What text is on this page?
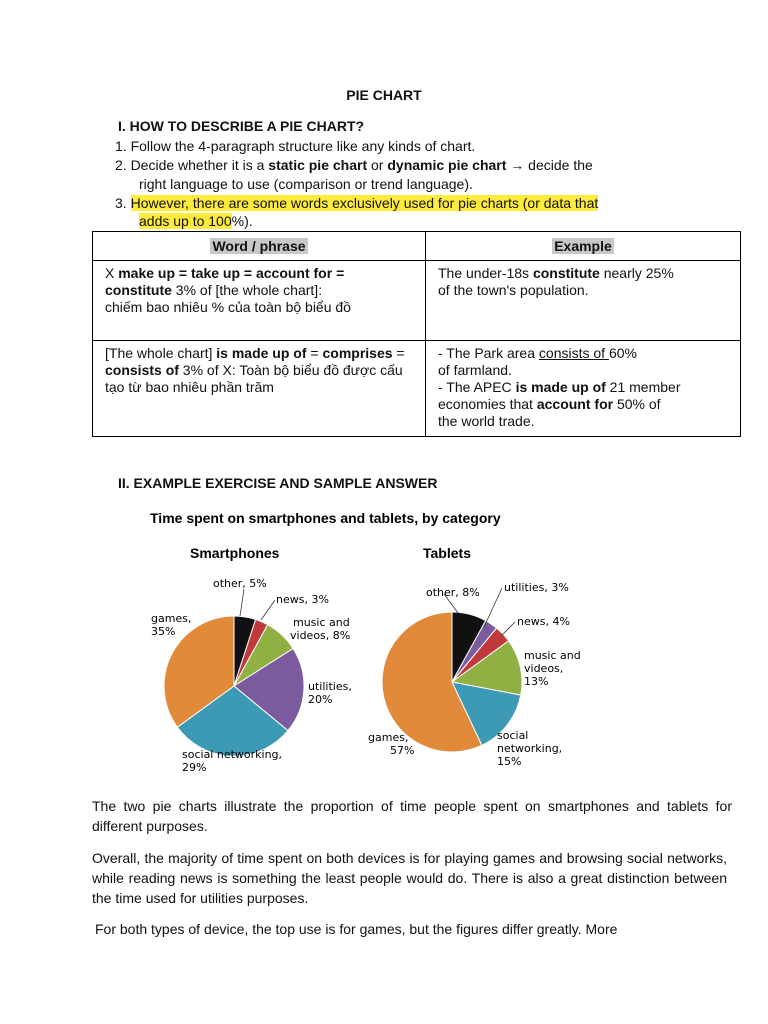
PIE CHART
I. HOW TO DESCRIBE A PIE CHART?
1. Follow the 4-paragraph structure like any kinds of chart.
2. Decide whether it is a static pie chart or dynamic pie chart → decide the
right language to use (comparison or trend language).
3. However, there are some words exclusively used for pie charts (or data that
adds up to 100%).
Word / phrase	Example
X make up = take up = account for = constitute 3% of [the whole chart]:
chiếm bao nhiêu % của toàn bộ biểu đồ	The under-18s constitute nearly 25%
of the town's population.
[The whole chart] is made up of = comprises = consists of 3% of X: Toàn bộ biểu đồ được cấu tạo từ bao nhiêu phần trăm	- The Park area consists of 60%
of farmland.
- The APEC is made up of 21 member
economies that account for 50% of
the world trade.
II. EXAMPLE EXERCISE AND SAMPLE ANSWER
Time spent on smartphones and tablets, by category
Smartphones	Tablets
other, 5%
news, 3%
music and videos, 8%
utilities, 20%
social networking, 29%
games, 35%
other, 8% utilities, 3%
news, 4%
music and videos, 13%
social networking, 15%
games, 57%
The two pie charts illustrate the proportion of time people spent on smartphones and tablets for different purposes.
Overall, the majority of time spent on both devices is for playing games and browsing social networks, while reading news is something the least people would do. There is also a great distinction between the time used for utilities purposes.
For both types of device, the top use is for games, but the figures differ greatly. More
